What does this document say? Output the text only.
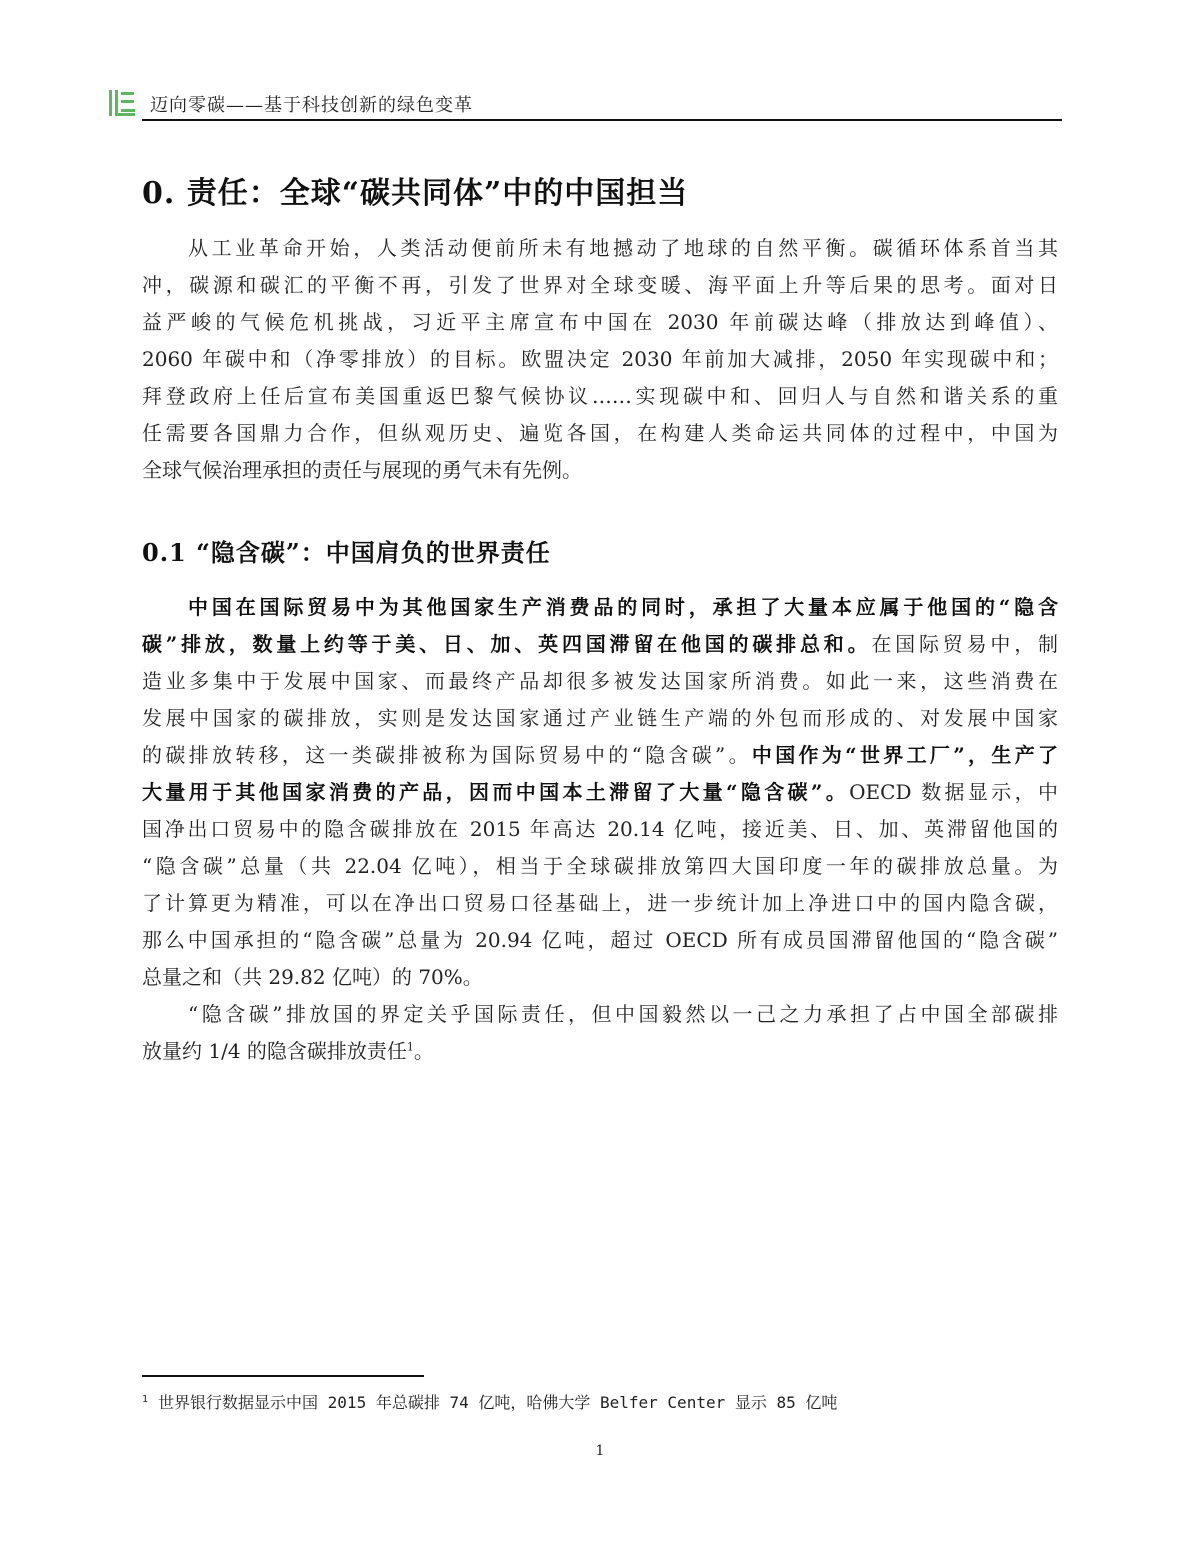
迈向零碳——基于科技创新的绿色变革
0. 责任：全球“碳共同体”中的中国担当
从工业革命开始，人类活动便前所未有地撼动了地球的自然平衡。碳循环体系首当其
冲，碳源和碳汇的平衡不再，引发了世界对全球变暖、海平面上升等后果的思考。面对日
益严峻的气候危机挑战，习近平主席宣布中国在 2030 年前碳达峰（排放达到峰值）、
2060 年碳中和（净零排放）的目标。欧盟决定 2030 年前加大减排，2050 年实现碳中和；
拜登政府上任后宣布美国重返巴黎气候协议……实现碳中和、回归人与自然和谐关系的重
任需要各国鼎力合作，但纵观历史、遍览各国，在构建人类命运共同体的过程中，中国为
全球气候治理承担的责任与展现的勇气未有先例。
0.1 “隐含碳”：中国肩负的世界责任
中国在国际贸易中为其他国家生产消费品的同时，承担了大量本应属于他国的“隐含
碳”排放，数量上约等于美、日、加、英四国滞留在他国的碳排总和。在国际贸易中，制
造业多集中于发展中国家、而最终产品却很多被发达国家所消费。如此一来，这些消费在
发展中国家的碳排放，实则是发达国家通过产业链生产端的外包而形成的、对发展中国家
的碳排放转移，这一类碳排被称为国际贸易中的“隐含碳”。中国作为“世界工厂”，生产了
大量用于其他国家消费的产品，因而中国本土滞留了大量“隐含碳”。OECD 数据显示，中
国净出口贸易中的隐含碳排放在 2015 年高达 20.14 亿吨，接近美、日、加、英滞留他国的
“隐含碳”总量（共 22.04 亿吨），相当于全球碳排放第四大国印度一年的碳排放总量。为
了计算更为精准，可以在净出口贸易口径基础上，进一步统计加上净进口中的国内隐含碳，
那么中国承担的“隐含碳”总量为 20.94 亿吨，超过 OECD 所有成员国滞留他国的“隐含碳”
总量之和（共 29.82 亿吨）的 70%。
“隐含碳”排放国的界定关乎国际责任，但中国毅然以一己之力承担了占中国全部碳排
放量约 1/4 的隐含碳排放责任$^1$。
$^1$ 世界银行数据显示中国 2015 年总碳排 74 亿吨，哈佛大学 Belfer Center 显示 85 亿吨
1
